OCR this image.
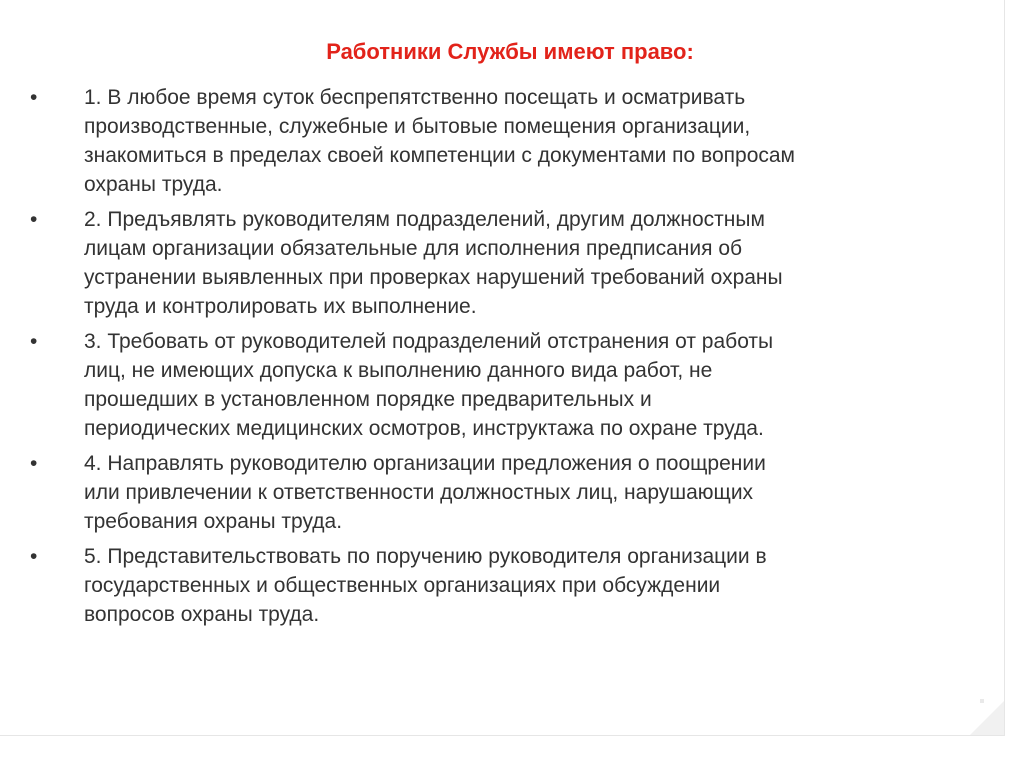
Работники Службы имеют право:
•	1. В любое время суток беспрепятственно посещать и осматривать
производственные, служебные и бытовые помещения организации,
знакомиться в пределах своей компетенции с документами по вопросам
охраны труда.
•	2. Предъявлять руководителям подразделений, другим должностным
лицам организации обязательные для исполнения предписания об
устранении выявленных при проверках нарушений требований охраны
труда и контролировать их выполнение.
•	3. Требовать от руководителей подразделений отстранения от работы
лиц, не имеющих допуска к выполнению данного вида работ, не
прошедших в установленном порядке предварительных и
периодических медицинских осмотров, инструктажа по охране труда.
•	4. Направлять руководителю организации предложения о поощрении
или привлечении к ответственности должностных лиц, нарушающих
требования охраны труда.
•	5. Представительствовать по поручению руководителя организации в
государственных и общественных организациях при обсуждении
вопросов охраны труда.
